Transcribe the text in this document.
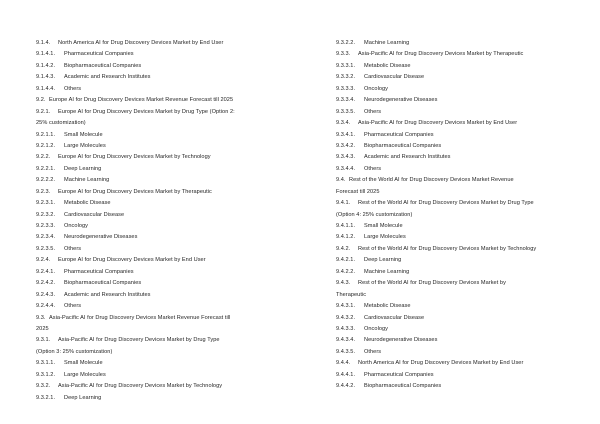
9.1.4. North America AI for Drug Discovery Devices Market by End User
9.1.4.1. Pharmaceutical Companies
9.1.4.2. Biopharmaceutical Companies
9.1.4.3. Academic and Research Institutes
9.1.4.4. Others
9.2. Europe AI for Drug Discovery Devices Market Revenue Forecast till 2025
9.2.1. Europe AI for Drug Discovery Devices Market by Drug Type (Option 2:
25% customization)
9.2.1.1. Small Molecule
9.2.1.2. Large Molecules
9.2.2. Europe AI for Drug Discovery Devices Market by Technology
9.2.2.1. Deep Learning
9.2.2.2. Machine Learning
9.2.3. Europe AI for Drug Discovery Devices Market by Therapeutic
9.2.3.1. Metabolic Disease
9.2.3.2. Cardiovascular Disease
9.2.3.3. Oncology
9.2.3.4. Neurodegenerative Diseases
9.2.3.5. Others
9.2.4. Europe AI for Drug Discovery Devices Market by End User
9.2.4.1. Pharmaceutical Companies
9.2.4.2. Biopharmaceutical Companies
9.2.4.3. Academic and Research Institutes
9.2.4.4. Others
9.3. Asia-Pacific AI for Drug Discovery Devices Market Revenue Forecast till
2025
9.3.1. Asia-Pacific AI for Drug Discovery Devices Market by Drug Type
(Option 3: 25% customization)
9.3.1.1. Small Molecule
9.3.1.2. Large Molecules
9.3.2. Asia-Pacific AI for Drug Discovery Devices Market by Technology
9.3.2.1. Deep Learning
9.3.2.2. Machine Learning
9.3.3. Asia-Pacific AI for Drug Discovery Devices Market by Therapeutic
9.3.3.1. Metabolic Disease
9.3.3.2. Cardiovascular Disease
9.3.3.3. Oncology
9.3.3.4. Neurodegenerative Diseases
9.3.3.5. Others
9.3.4. Asia-Pacific AI for Drug Discovery Devices Market by End User
9.3.4.1. Pharmaceutical Companies
9.3.4.2. Biopharmaceutical Companies
9.3.4.3. Academic and Research Institutes
9.3.4.4. Others
9.4. Rest of the World AI for Drug Discovery Devices Market Revenue
Forecast till 2025
9.4.1. Rest of the World AI for Drug Discovery Devices Market by Drug Type
(Option 4: 25% customization)
9.4.1.1. Small Molecule
9.4.1.2. Large Molecules
9.4.2. Rest of the World AI for Drug Discovery Devices Market by Technology
9.4.2.1. Deep Learning
9.4.2.2. Machine Learning
9.4.3. Rest of the World AI for Drug Discovery Devices Market by
Therapeutic
9.4.3.1. Metabolic Disease
9.4.3.2. Cardiovascular Disease
9.4.3.3. Oncology
9.4.3.4. Neurodegenerative Diseases
9.4.3.5. Others
9.4.4. North America AI for Drug Discovery Devices Market by End User
9.4.4.1. Pharmaceutical Companies
9.4.4.2. Biopharmaceutical Companies
